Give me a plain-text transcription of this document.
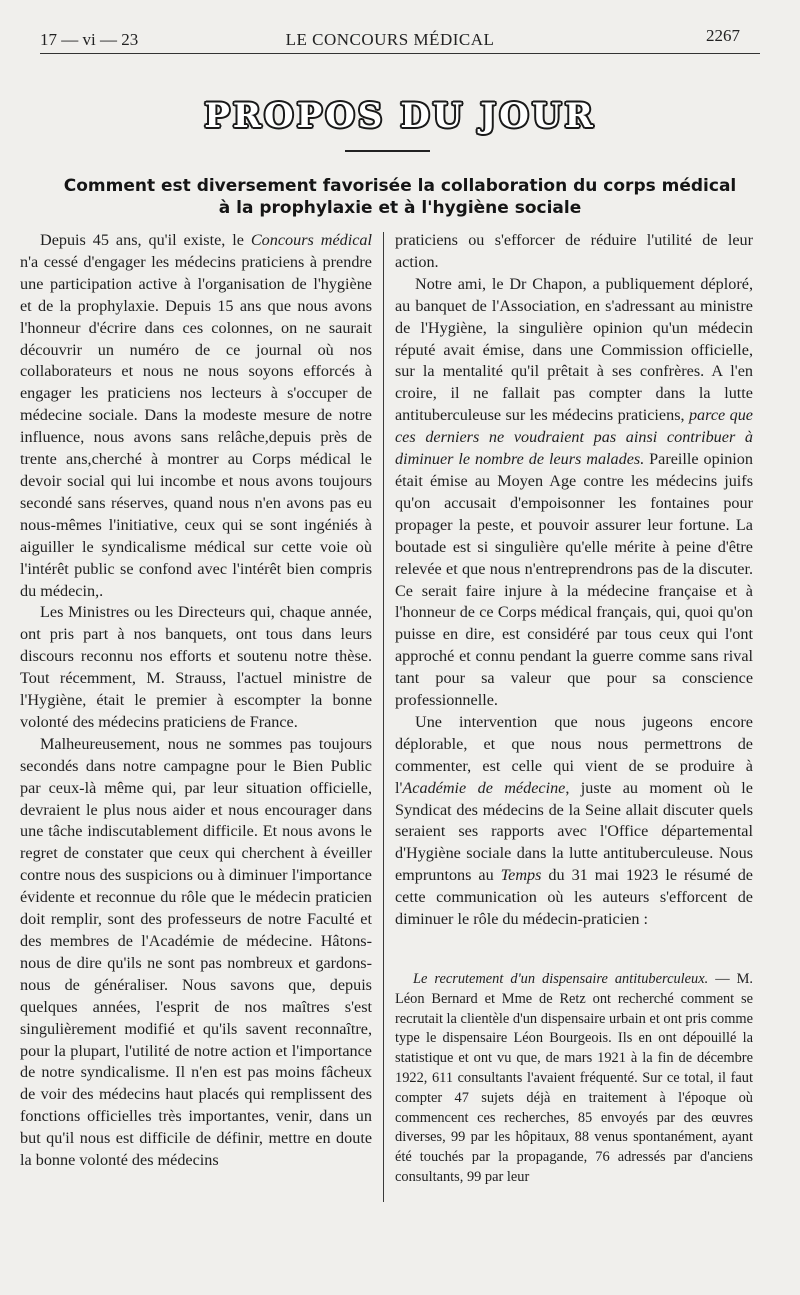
17 — vi — 23	LE CONCOURS MÉDICAL	2267
PROPOS DU JOUR
Comment est diversement favorisée la collaboration du corps médical
à la prophylaxie et à l'hygiène sociale

Depuis 45 ans, qu'il existe, le Concours médical n'a cessé d'engager les médecins praticiens à prendre une participation active à l'organisation de l'hygiène et de la prophylaxie. Depuis 15 ans que nous avons l'honneur d'écrire dans ces colonnes, on ne saurait découvrir un numéro de ce journal où nos collaborateurs et nous ne nous soyons efforcés à engager les praticiens nos lecteurs à s'occuper de médecine sociale. Dans la modeste mesure de notre influence, nous avons sans relâche,depuis près de trente ans,cherché à montrer au Corps médical le devoir social qui lui incombe et nous avons toujours secondé sans réserves, quand nous n'en avons pas eu nous-mêmes l'initiative, ceux qui se sont ingéniés à aiguiller le syndicalisme médical sur cette voie où l'intérêt public se confond avec l'intérêt bien compris du médecin,.

Les Ministres ou les Directeurs qui, chaque année, ont pris part à nos banquets, ont tous dans leurs discours reconnu nos efforts et soutenu notre thèse. Tout récemment, M. Strauss, l'actuel ministre de l'Hygiène, était le premier à escompter la bonne volonté des médecins praticiens de France.

Malheureusement, nous ne sommes pas toujours secondés dans notre campagne pour le Bien Public par ceux-là même qui, par leur situation officielle, devraient le plus nous aider et nous encourager dans une tâche indiscutablement difficile. Et nous avons le regret de constater que ceux qui cherchent à éveiller contre nous des suspicions ou à diminuer l'importance évidente et reconnue du rôle que le médecin praticien doit remplir, sont des professeurs de notre Faculté et des membres de l'Académie de médecine. Hâtons-nous de dire qu'ils ne sont pas nombreux et gardons-nous de généraliser. Nous savons que, depuis quelques années, l'esprit de nos maîtres s'est singulièrement modifié et qu'ils savent reconnaître, pour la plupart, l'utilité de notre action et l'importance de notre syndicalisme. Il n'en est pas moins fâcheux de voir des médecins haut placés qui remplissent des fonctions officielles très importantes, venir, dans un but qu'il nous est difficile de définir, mettre en doute la bonne volonté des médecins

praticiens ou s'efforcer de réduire l'utilité de leur action.

Notre ami, le Dr Chapon, a publiquement déploré, au banquet de l'Association, en s'adressant au ministre de l'Hygiène, la singulière opinion qu'un médecin réputé avait émise, dans une Commission officielle, sur la mentalité qu'il prêtait à ses confrères. A l'en croire, il ne fallait pas compter dans la lutte antituberculeuse sur les médecins praticiens, parce que ces derniers ne voudraient pas ainsi contribuer à diminuer le nombre de leurs malades. Pareille opinion était émise au Moyen Age contre les médecins juifs qu'on accusait d'empoisonner les fontaines pour propager la peste, et pouvoir assurer leur fortune. La boutade est si singulière qu'elle mérite à peine d'être relevée et que nous n'entreprendrons pas de la discuter. Ce serait faire injure à la médecine française et à l'honneur de ce Corps médical français, qui, quoi qu'on puisse en dire, est considéré par tous ceux qui l'ont approché et connu pendant la guerre comme sans rival tant pour sa valeur que pour sa conscience professionnelle.

Une intervention que nous jugeons encore déplorable, et que nous nous permettrons de commenter, est celle qui vient de se produire à l'Académie de médecine, juste au moment où le Syndicat des médecins de la Seine allait discuter quels seraient ses rapports avec l'Office départemental d'Hygiène sociale dans la lutte antituberculeuse. Nous empruntons au Temps du 31 mai 1923 le résumé de cette communication où les auteurs s'efforcent de diminuer le rôle du médecin-praticien :

Le recrutement d'un dispensaire antituberculeux. — M. Léon Bernard et Mme de Retz ont recherché comment se recrutait la clientèle d'un dispensaire urbain et ont pris comme type le dispensaire Léon Bourgeois. Ils en ont dépouillé la statistique et ont vu que, de mars 1921 à la fin de décembre 1922, 611 consultants l'avaient fréquenté. Sur ce total, il faut compter 47 sujets déjà en traitement à l'époque où commencent ces recherches, 85 envoyés par des œuvres diverses, 99 par les hôpitaux, 88 venus spontanément, ayant été touchés par la propagande, 76 adressés par d'anciens consultants, 99 par leur
